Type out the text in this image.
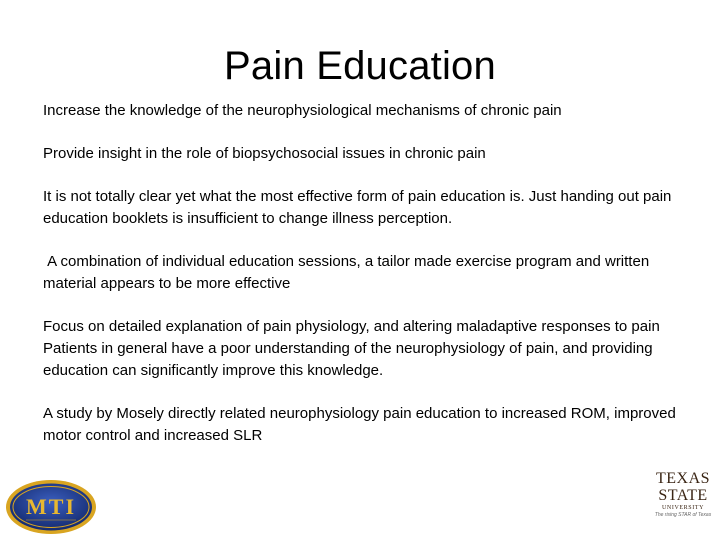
Pain Education

Increase the knowledge of the neurophysiological mechanisms of chronic pain

Provide insight in the role of biopsychosocial issues in chronic pain

It is not totally clear yet what the most effective form of pain education is. Just handing out pain education booklets is insufficient to change illness perception.

A combination of individual education sessions, a tailor made exercise program and written material appears to be more effective

Focus on detailed explanation of pain physiology, and altering maladaptive responses to pain
Patients in general have a poor understanding of the neurophysiology of pain, and providing education can significantly improve this knowledge.

A study by Mosely directly related neurophysiology pain education to increased ROM, improved motor control and increased SLR

MTI
TEXAS
STATE
UNIVERSITY
The rising STAR of Texas
